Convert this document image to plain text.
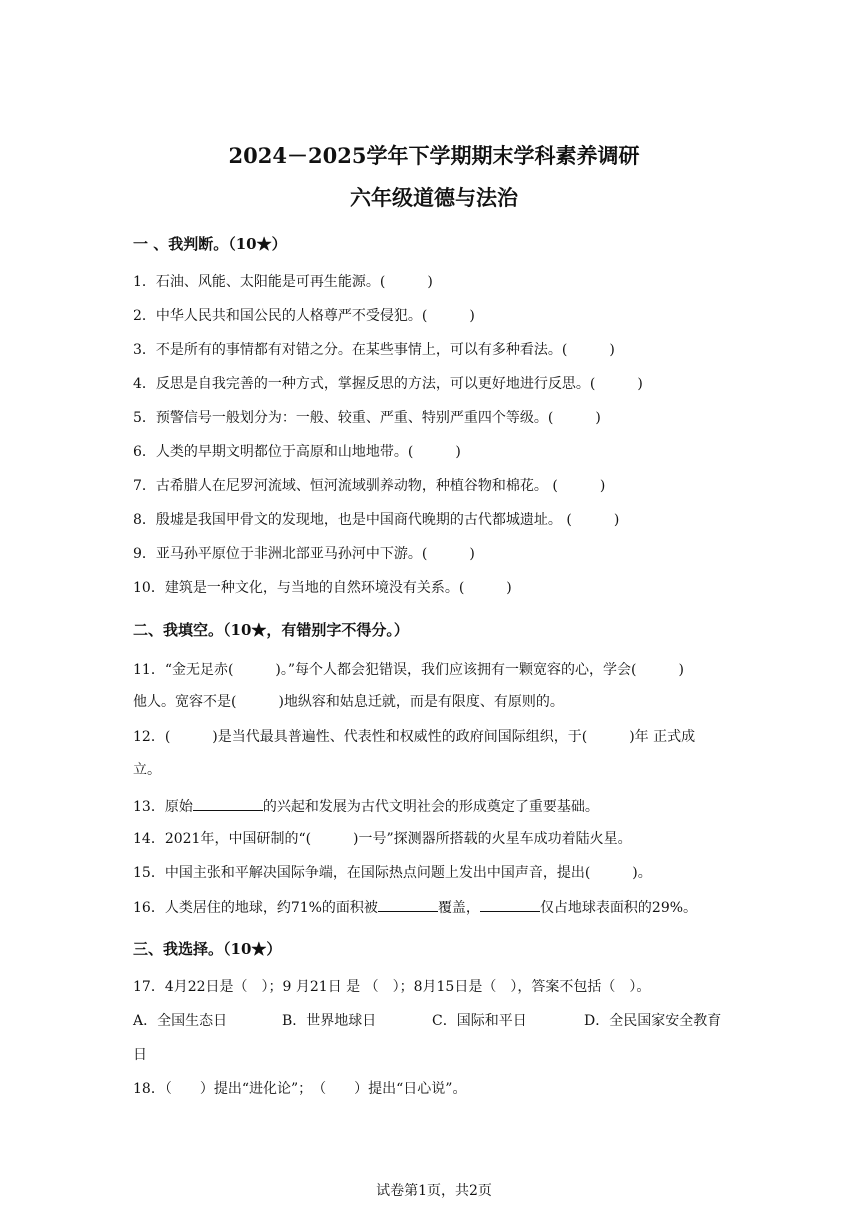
2024－2025学年下学期期末学科素养调研
六年级道德与法治
一 、我判断。（10★）
1．石油、风能、太阳能是可再生能源。(　　　)
2．中华人民共和国公民的人格尊严不受侵犯。(　　　)
3．不是所有的事情都有对错之分。在某些事情上，可以有多种看法。(　　　)
4．反思是自我完善的一种方式，掌握反思的方法，可以更好地进行反思。(　　　)
5．预警信号一般划分为：一般、较重、严重、特别严重四个等级。(　　　)
6．人类的早期文明都位于高原和山地地带。(　　　)
7．古希腊人在尼罗河流域、恒河流域驯养动物，种植谷物和棉花。 (　　　)
8．殷墟是我国甲骨文的发现地，也是中国商代晚期的古代都城遗址。 (　　　)
9．亚马孙平原位于非洲北部亚马孙河中下游。(　　　)
10．建筑是一种文化，与当地的自然环境没有关系。(　　　)
二、我填空。（10★，有错别字不得分。）
11．“金无足赤(　　　)。”每个人都会犯错误，我们应该拥有一颗宽容的心，学会(　　　)
他人。宽容不是(　　　)地纵容和姑息迁就，而是有限度、有原则的。
12．(　　　)是当代最具普遍性、代表性和权威性的政府间国际组织，于(　　　)年 正式成
立。
13．原始	的兴起和发展为古代文明社会的形成奠定了重要基础。
14．2021年，中国研制的“(　　　)一号”探测器所搭载的火星车成功着陆火星。
15．中国主张和平解决国际争端，在国际热点问题上发出中国声音，提出(　　　)。
16．人类居住的地球，约71%的面积被	覆盖，	仅占地球表面积的29%。
三、我选择。（10★）
17．4月22日是（　）；9 月21日 是 （　）；8月15日是（　），答案不包括（　）。
A．全国生态日	B．世界地球日	C．国际和平日	D．全民国家安全教育
日
18．（　　）提出“进化论”；　（　　）提出“日心说”。
试卷第1页，共2页
